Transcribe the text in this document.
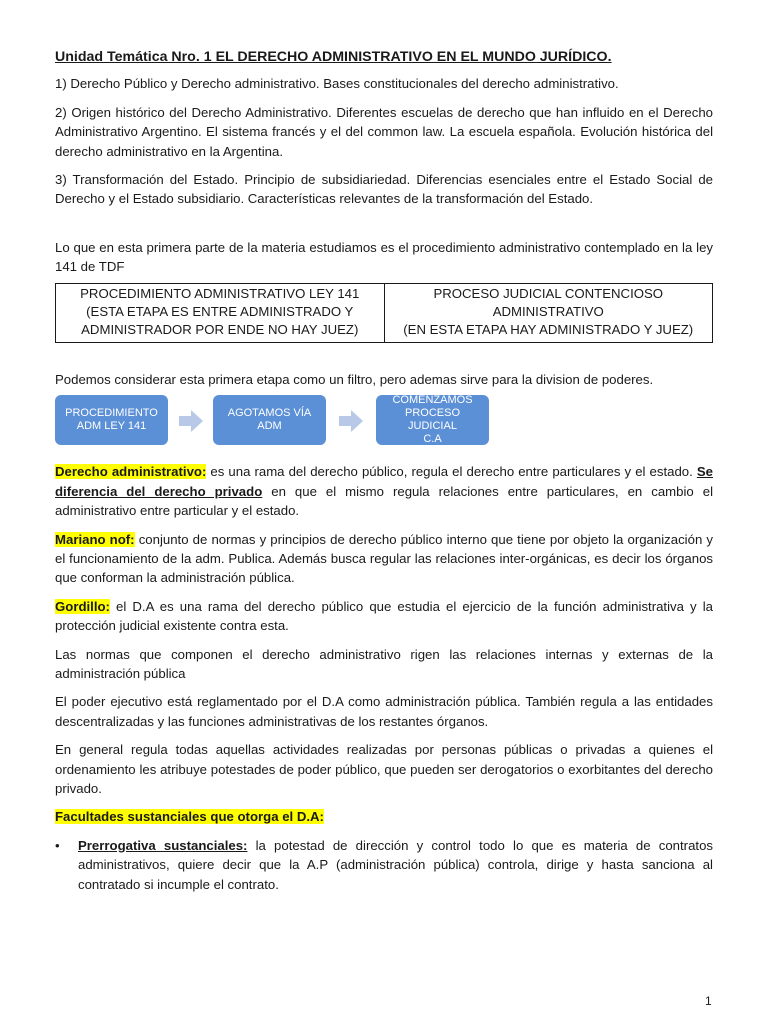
Unidad Temática Nro. 1 EL DERECHO ADMINISTRATIVO EN EL MUNDO JURÍDICO.

1) Derecho Público y Derecho administrativo. Bases constitucionales del derecho administrativo.

2) Origen histórico del Derecho Administrativo. Diferentes escuelas de derecho que han influido en el Derecho Administrativo Argentino. El sistema francés y el del common law. La escuela española. Evolución histórica del derecho administrativo en la Argentina.

3) Transformación del Estado. Principio de subsidiariedad. Diferencias esenciales entre el Estado Social de Derecho y el Estado subsidiario. Características relevantes de la transformación del Estado.

Lo que en esta primera parte de la materia estudiamos es el procedimiento administrativo contemplado en la ley 141 de TDF

PROCEDIMIENTO ADMINISTRATIVO LEY 141
(ESTA ETAPA ES ENTRE ADMINISTRADO Y
ADMINISTRADOR POR ENDE NO HAY JUEZ)

PROCESO JUDICIAL CONTENCIOSO
ADMINISTRATIVO
(EN ESTA ETAPA HAY ADMINISTRADO Y JUEZ)

Podemos considerar esta primera etapa como un filtro, pero ademas sirve para la division de poderes.

PROCEDIMIENTO
ADM LEY 141
AGOTAMOS VÍA
ADM
COMENZAMOS
PROCESO JUDICIAL
C.A

Derecho administrativo: es una rama del derecho público, regula el derecho entre particulares y el estado. Se diferencia del derecho privado en que el mismo regula relaciones entre particulares, en cambio el administrativo entre particular y el estado.

Mariano nof: conjunto de normas y principios de derecho público interno que tiene por objeto la organización y el funcionamiento de la adm. Publica. Además busca regular las relaciones inter-orgánicas, es decir los órganos que conforman la administración pública.

Gordillo: el D.A es una rama del derecho público que estudia el ejercicio de la función administrativa y la protección judicial existente contra esta.

Las normas que componen el derecho administrativo rigen las relaciones internas y externas de la administración pública

El poder ejecutivo está reglamentado por el D.A como administración pública. También regula a las entidades descentralizadas y las funciones administrativas de los restantes órganos.

En general regula todas aquellas actividades realizadas por personas públicas o privadas a quienes el ordenamiento les atribuye potestades de poder público, que pueden ser derogatorios o exorbitantes del derecho privado.

Facultades sustanciales que otorga el D.A:

• Prerrogativa sustanciales: la potestad de dirección y control todo lo que es materia de contratos administrativos, quiere decir que la A.P (administración pública) controla, dirige y hasta sanciona al contratado si incumple el contrato.
1
